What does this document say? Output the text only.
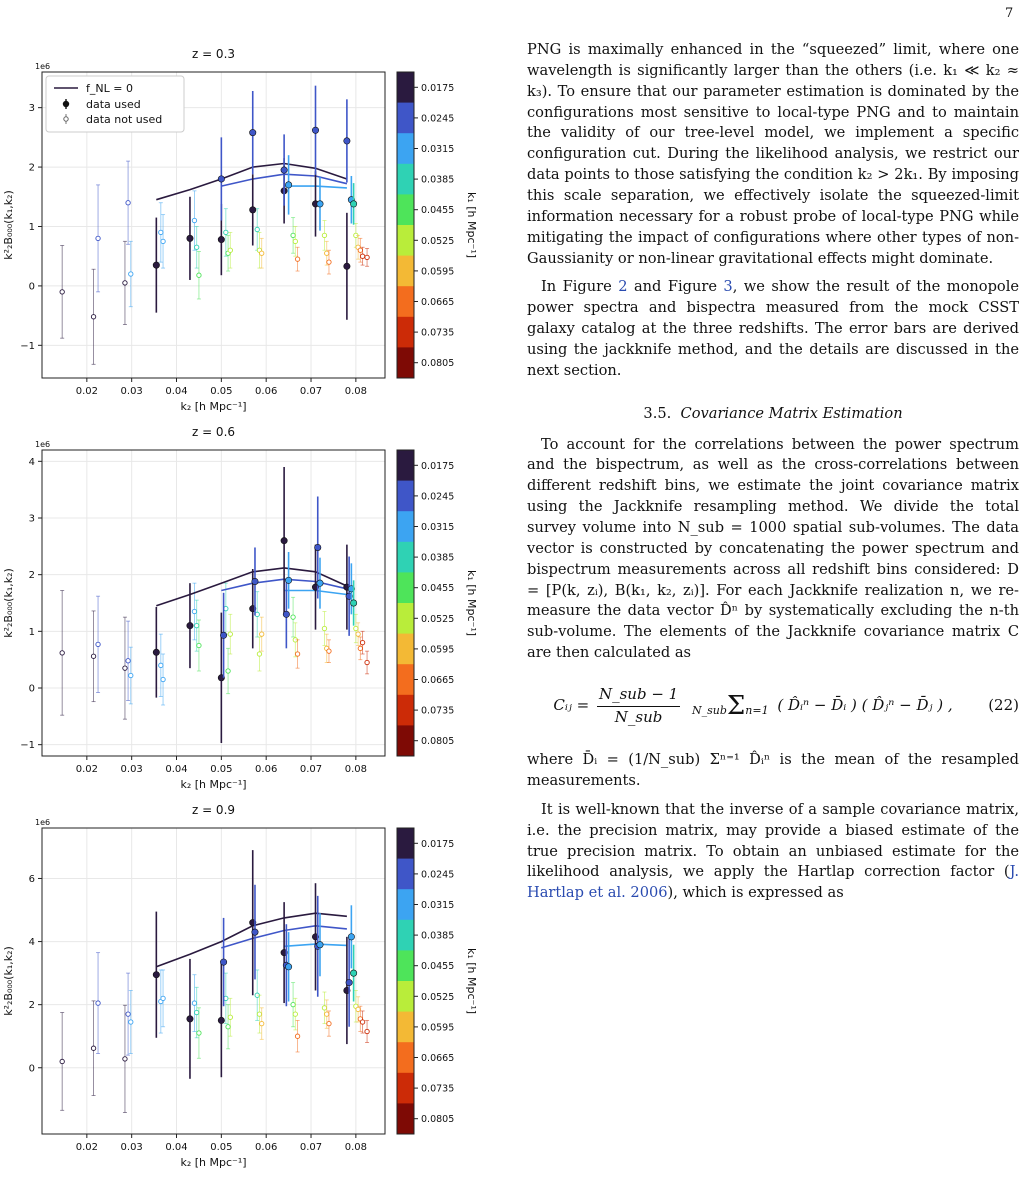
7
z = 0.3
1e6
0.02 0.03 0.04 0.05 0.06 0.07 0.08
−1
0
1
2
3
f_NL = 0
data used
data not used
k₂ [h Mpc⁻¹]
k²₂B₀₀₀(k₁,k₂)
0.0175
0.0245
0.0315
0.0385
0.0455
0.0525
0.0595
0.0665
0.0735
0.0805
k₁ [h Mpc⁻¹]
z = 0.6
1e6
0.02 0.03 0.04 0.05 0.06 0.07 0.08
−1
0
1
2
3
4
k₂ [h Mpc⁻¹]
k²₂B₀₀₀(k₁,k₂)
0.0175
0.0245
0.0315
0.0385
0.0455
0.0525
0.0595
0.0665
0.0735
0.0805
k₁ [h Mpc⁻¹]
z = 0.9
1e6
0.02 0.03 0.04 0.05 0.06 0.07 0.08
0
2
4
6
k₂ [h Mpc⁻¹]
k²₂B₀₀₀(k₁,k₂)
0.0175
0.0245
0.0315
0.0385
0.0455
0.0525
0.0595
0.0665
0.0735
0.0805
k₁ [h Mpc⁻¹]

PNG is maximally enhanced in the “squeezed” limit, where one wavelength is significantly larger than the others (i.e. k₁ ≪ k₂ ≈ k₃). To ensure that our parameter estimation is dominated by the configurations most sensitive to local-type PNG and to maintain the validity of our tree-level model, we implement a specific configuration cut. During the likelihood analysis, we restrict our data points to those satisfying the condition k₂ > 2k₁. By imposing this scale separation, we effectively isolate the squeezed-limit information necessary for a robust probe of local-type PNG while mitigating the impact of configurations where other types of non-Gaussianity or non-linear gravitational effects might dominate.

In Figure 2 and Figure 3, we show the result of the monopole power spectra and bispectra measured from the mock CSST galaxy catalog at the three redshifts. The error bars are derived using the jackknife method, and the details are discussed in the next section.

3.5. Covariance Matrix Estimation

To account for the correlations between the power spectrum and the bispectrum, as well as the cross-correlations between different redshift bins, we estimate the joint covariance matrix using the Jackknife resampling method. We divide the total survey volume into N_sub = 1000 spatial sub-volumes. The data vector is constructed by concatenating the power spectrum and bispectrum measurements across all redshift bins considered: D = [P(k, zᵢ), B(k₁, k₂, zᵢ)]. For each Jackknife realization n, we re-measure the data vector D̂ⁿ by systematically excluding the n-th sub-volume. The elements of the Jackknife covariance matrix C are then calculated as

Cᵢⱼ = $\frac{\text{N\_sub − 1}}{\text{N\_sub}}$ N_subΣn=1 ( D̂ᵢⁿ − D̄ᵢ ) ( D̂ⱼⁿ − D̄ⱼ ) ,	(22)

where D̄ᵢ = (1/N_sub) Σⁿ⁼¹ D̂ᵢⁿ is the mean of the resampled measurements.

It is well-known that the inverse of a sample covariance matrix, i.e. the precision matrix, may provide a biased estimate of the true precision matrix. To obtain an unbiased estimate for the likelihood analysis, we apply the Hartlap correction factor (J. Hartlap et al. 2006), which is expressed as
